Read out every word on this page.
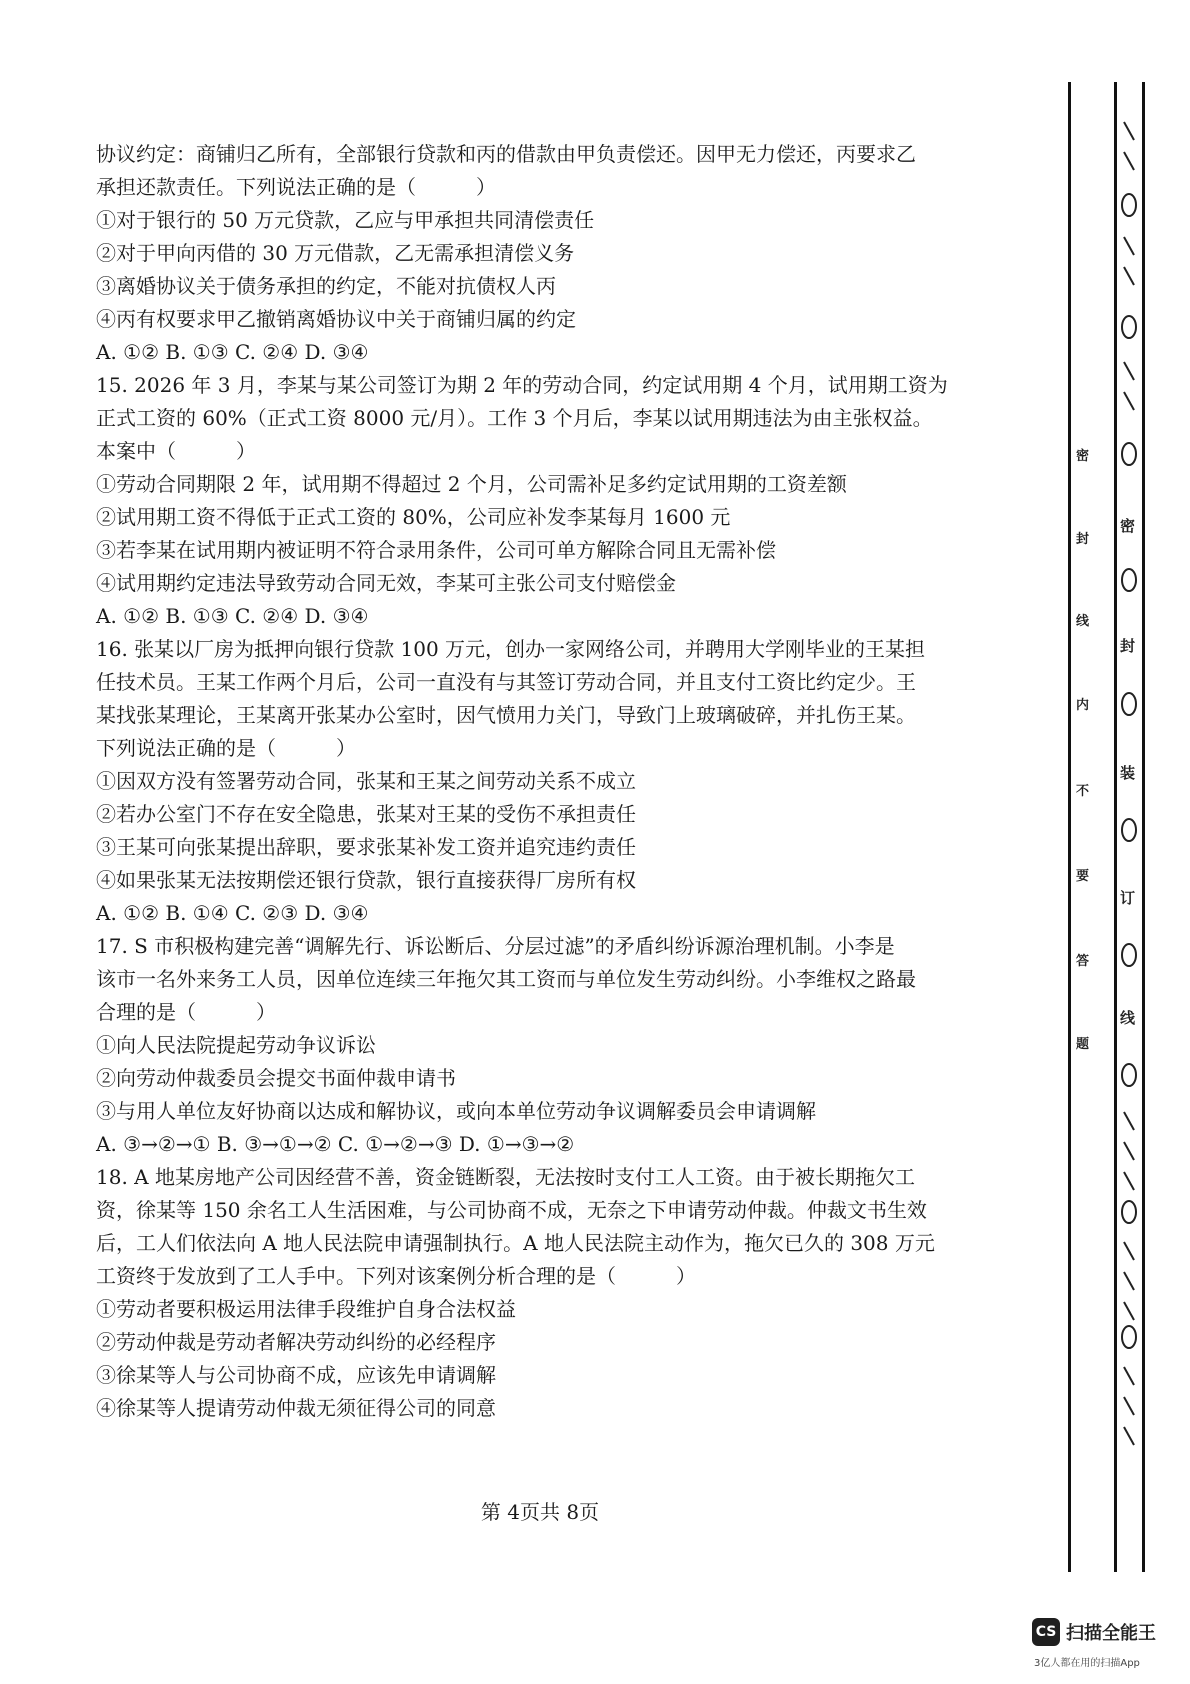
协议约定：商铺归乙所有，全部银行贷款和丙的借款由甲负责偿还。因甲无力偿还，丙要求乙
承担还款责任。下列说法正确的是（　　　）
①对于银行的 50 万元贷款，乙应与甲承担共同清偿责任
②对于甲向丙借的 30 万元借款，乙无需承担清偿义务
③离婚协议关于债务承担的约定，不能对抗债权人丙
④丙有权要求甲乙撤销离婚协议中关于商铺归属的约定
A. ①② B. ①③ C. ②④ D. ③④
15. 2026 年 3 月，李某与某公司签订为期 2 年的劳动合同，约定试用期 4 个月，试用期工资为
正式工资的 60%（正式工资 8000 元/月）。工作 3 个月后，李某以试用期违法为由主张权益。
本案中（　　　）
①劳动合同期限 2 年，试用期不得超过 2 个月，公司需补足多约定试用期的工资差额
②试用期工资不得低于正式工资的 80%，公司应补发李某每月 1600 元
③若李某在试用期内被证明不符合录用条件，公司可单方解除合同且无需补偿
④试用期约定违法导致劳动合同无效，李某可主张公司支付赔偿金
A. ①② B. ①③ C. ②④ D. ③④
16. 张某以厂房为抵押向银行贷款 100 万元，创办一家网络公司，并聘用大学刚毕业的王某担
任技术员。王某工作两个月后，公司一直没有与其签订劳动合同，并且支付工资比约定少。王
某找张某理论，王某离开张某办公室时，因气愤用力关门，导致门上玻璃破碎，并扎伤王某。
下列说法正确的是（　　　）
①因双方没有签署劳动合同，张某和王某之间劳动关系不成立
②若办公室门不存在安全隐患，张某对王某的受伤不承担责任
③王某可向张某提出辞职，要求张某补发工资并追究违约责任
④如果张某无法按期偿还银行贷款，银行直接获得厂房所有权
A. ①② B. ①④ C. ②③ D. ③④
17. S 市积极构建完善“调解先行、诉讼断后、分层过滤”的矛盾纠纷诉源治理机制。小李是
该市一名外来务工人员，因单位连续三年拖欠其工资而与单位发生劳动纠纷。小李维权之路最
合理的是（　　　）
①向人民法院提起劳动争议诉讼
②向劳动仲裁委员会提交书面仲裁申请书
③与用人单位友好协商以达成和解协议，或向本单位劳动争议调解委员会申请调解
A. ③→②→① B. ③→①→② C. ①→②→③ D. ①→③→②
18. A 地某房地产公司因经营不善，资金链断裂，无法按时支付工人工资。由于被长期拖欠工
资，徐某等 150 余名工人生活困难，与公司协商不成，无奈之下申请劳动仲裁。仲裁文书生效
后，工人们依法向 A 地人民法院申请强制执行。A 地人民法院主动作为，拖欠已久的 308 万元
工资终于发放到了工人手中。下列对该案例分析合理的是（　　　）
①劳动者要积极运用法律手段维护自身合法权益
②劳动仲裁是劳动者解决劳动纠纷的必经程序
③徐某等人与公司协商不成，应该先申请调解
④徐某等人提请劳动仲裁无须征得公司的同意
第 4页共 8页
密
封
装
订
线
密
封
线
内
不
要
答
题
CS 扫描全能王
3亿人都在用的扫描App
